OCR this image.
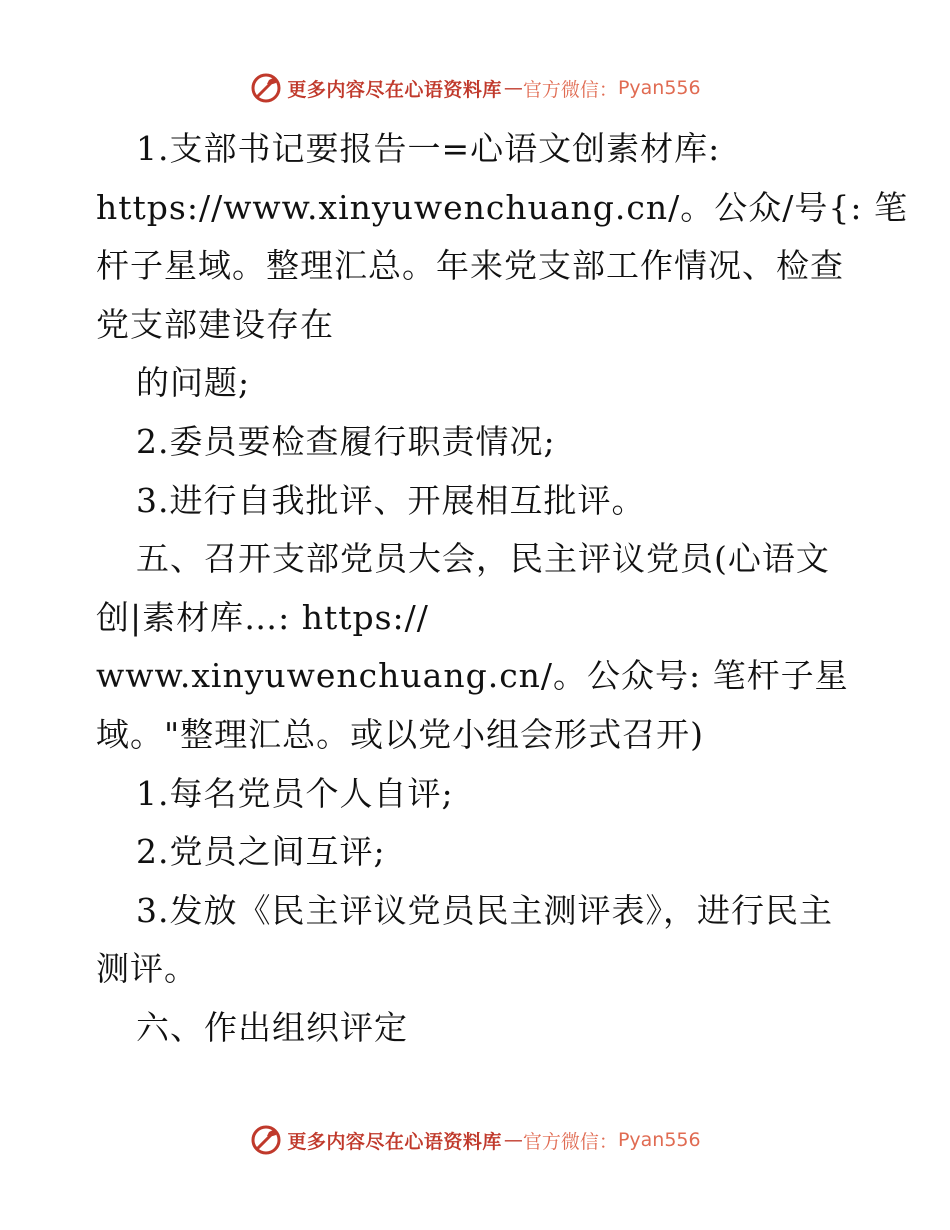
更多内容尽在心语资料库 — 官方微信： Pyan556
1.支部书记要报告一=心语文创素材库:
https://www.xinyuwenchuang.cn/。公众/号{: 笔
杆子星域。整理汇总。年来党支部工作情况、检查
党支部建设存在
的问题;
2.委员要检查履行职责情况;
3.进行自我批评、开展相互批评。
五、召开支部党员大会，民主评议党员(心语文
创|素材库…: https://
www.xinyuwenchuang.cn/。公众号: 笔杆子星
域。"整理汇总。或以党小组会形式召开)
1.每名党员个人自评;
2.党员之间互评;
3.发放《民主评议党员民主测评表》，进行民主
测评。
六、作出组织评定
更多内容尽在心语资料库 — 官方微信： Pyan556
